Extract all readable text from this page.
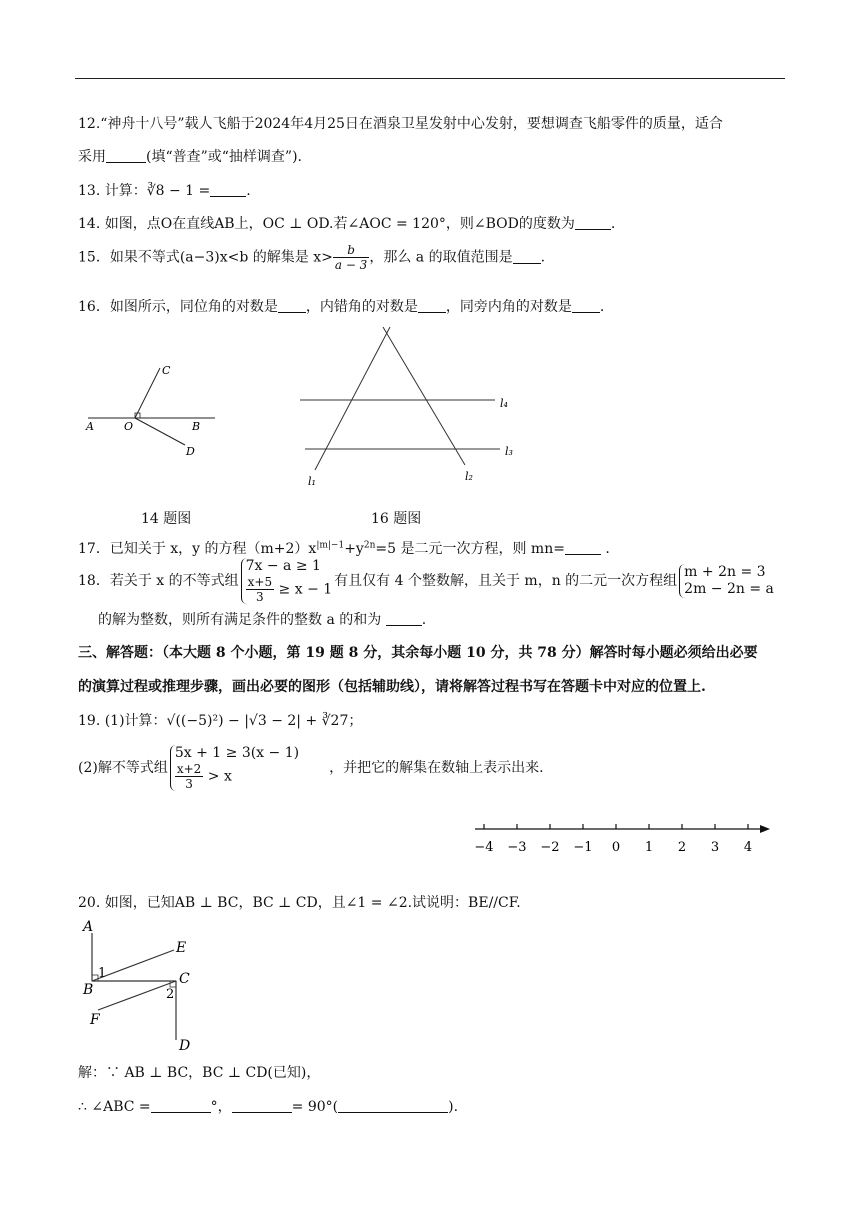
12.“神舟十八号”载人飞船于2024年4月25日在酒泉卫星发射中心发射，要想调查飞船零件的质量，适合
采用	(填“普查”或“抽样调查”).
13. 计算：∛8 − 1 =	.
14. 如图，点O在直线AB上，OC ⊥ OD.若∠AOC = 120°，则∠BOD的度数为	.
15．如果不等式(a−3)x<b 的解集是 $x> \frac{b}{a - 3}$ ，那么 a 的取值范围是 .
16．如图所示，同位角的对数是 ，内错角的对数是 ，同旁内角的对数是 .
A	O	B
C
D
14 题图
l₄
l₃
l₁	l₂
16 题图
17．已知关于 x，y 的方程$(m+2)x^{|m|-1}+y^{2n}=5$ 是二元一次方程，则 mn=	.
18．若关于 x 的不等式组
7x − a ≥ 1
$\frac{x+5}{3} \ge x - 1$
有且仅有 4 个整数解，且关于 m，n 的二元一次方程组
m + 2n = 3
2m − 2n = a
的解为整数，则所有满足条件的整数 a 的和为	.
三、解答题：（本大题 8 个小题，第 19 题 8 分，其余每小题 10 分，共 78 分）解答时每小题必须给出必要
的演算过程或推理步骤，画出必要的图形（包括辅助线），请将解答过程书写在答题卡中对应的位置上.
19. (1)计算：√((−5)²) − |√3 − 2| + ∛27；
(2)解不等式组
5x + 1 ≥ 3(x − 1)
$\frac{x+2}{3} > x$
，并把它的解集在数轴上表示出来.
−4 −3 −2 −1 0 1 2 3 4
20. 如图，已知AB ⊥ BC，BC ⊥ CD，且∠1 = ∠2.试说明：BE//CF.
A
E
1
B
C
2
F
D
解：∵ AB ⊥ BC，BC ⊥ CD(已知)，
∴ ∠ABC =	°，	= 90°(	).
